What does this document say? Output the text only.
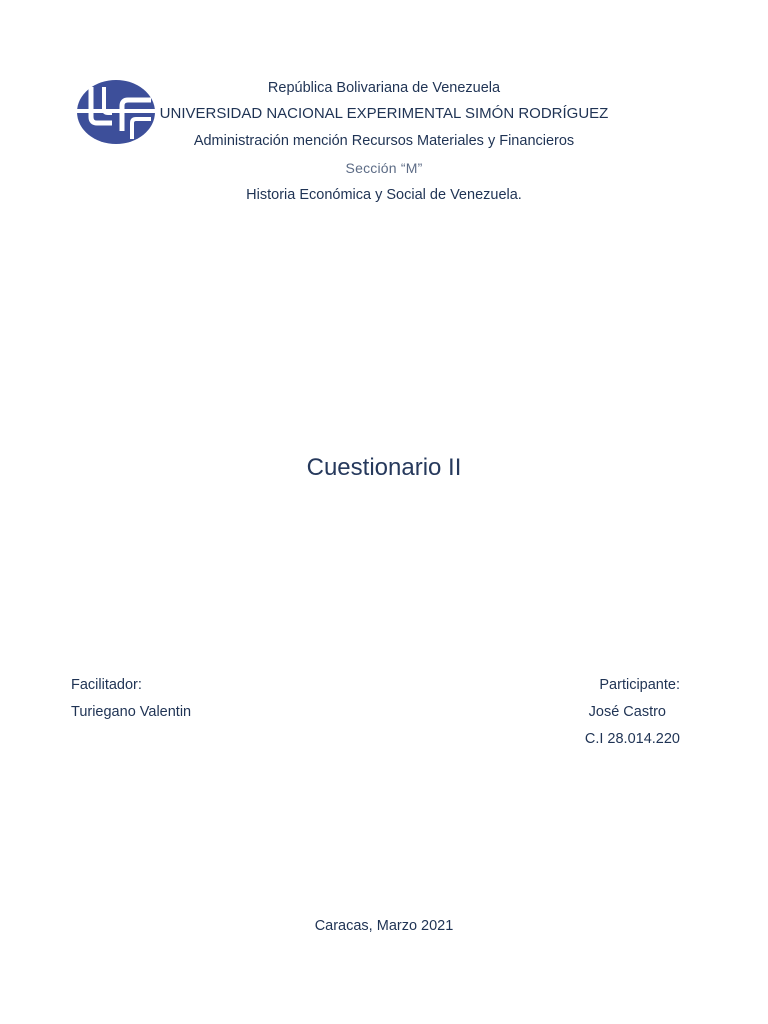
República Bolivariana de Venezuela
UNIVERSIDAD NACIONAL EXPERIMENTAL SIMÓN RODRÍGUEZ
Administración mención Recursos Materiales y Financieros
Sección “M”
Historia Económica y Social de Venezuela.
Cuestionario II
Facilitador:
Turiegano Valentin
Participante:
José Castro
C.I 28.014.220
Caracas, Marzo 2021
